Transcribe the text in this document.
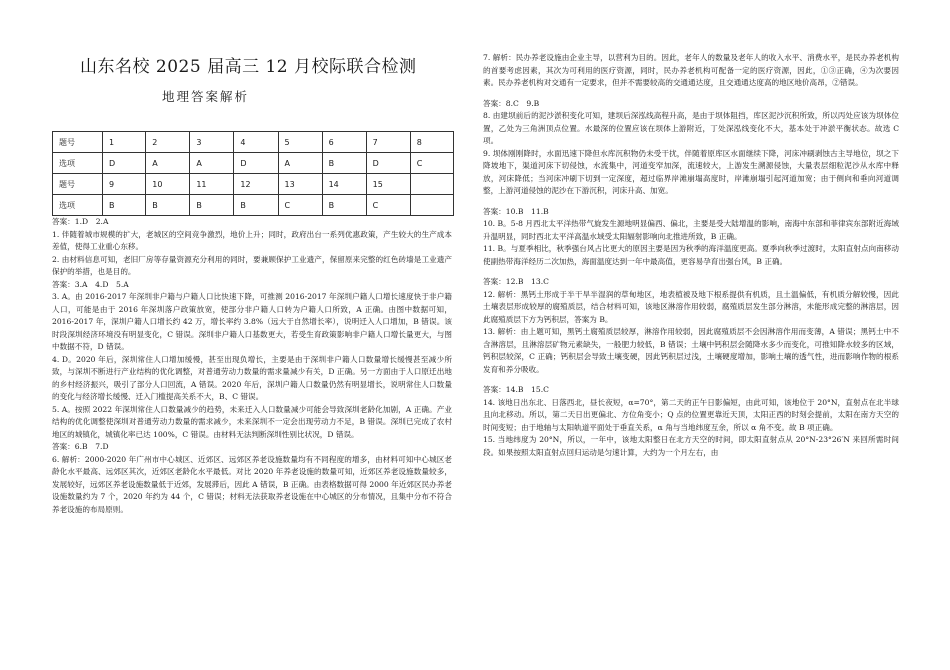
山东名校 2025 届高三 12 月校际联合检测
地理答案解析
题号	1	2	3	4	5	6	7	8
选项	D	A	A	D	A	B	D	C
题号	9	10	11	12	13	14	15	
选项	B	B	B	B	C	B	C	

答案：1.D　2.A

1. 伴随着城市规模的扩大，老城区的空间竞争激烈，地价上升；同时，政府出台一系列优惠政策，产生较大的生产成本差值，使得工业重心东移。

2. 由材料信息可知，老旧厂房等存量资源充分利用的同时，要兼顾保护工业遗产，保留原来完整的红色砖墙是工业遗产保护的举措，也是目的。

答案：3.A　4.D　5.A

3. A。由 2016-2017 年深圳非户籍与户籍人口比快速下降，可推测 2016-2017 年深圳户籍人口增长速度快于非户籍人口，可能是由于 2016 年深圳落户政策放宽，使部分非户籍人口转为户籍人口所致，A 正确。由图中数据可知，2016-2017 年，深圳户籍人口增长约 42 万，增长率约 3.8%（远大于自然增长率），说明迁入人口增加，B 错误。该时段深圳经济环境没有明显变化，C 错误。深圳非户籍人口基数更大，若受生育政策影响非户籍人口增长量更大，与图中数据不符，D 错误。

4. D。2020 年后，深圳常住人口增加缓慢，甚至出现负增长，主要是由于深圳非户籍人口数量增长缓慢甚至减少所致，与深圳不断进行产业结构的优化调整，对普通劳动力数量的需求量减少有关，D 正确。另一方面由于人口原迁出地的乡村经济振兴，吸引了部分人口回流，A 错误。2020 年后，深圳户籍人口数量仍然有明显增长，说明常住人口数量的变化与经济增长缓慢、迁入门槛提高关系不大，B、C 错误。

5. A。按照 2022 年深圳常住人口数量减少的趋势，未来迁入人口数量减少可能会导致深圳老龄化加剧，A 正确。产业结构的优化调整使深圳对普通劳动力数量的需求减少，未来深圳不一定会出现劳动力不足，B 错误。深圳已完成了农村地区的城镇化，城镇化率已达 100%，C 错误。由材料无法判断深圳性别比状况，D 错误。

答案：6.B　7.D

6. 解析：2000-2020 年广州市中心城区、近郊区、远郊区养老设施数量均有不同程度的增多，由材料可知中心城区老龄化水平最高、远郊区其次，近郊区老龄化水平最低。对比 2020 年养老设施的数量可知，近郊区养老设施数量较多，发展较好，远郊区养老设施数量低于近郊，发展滞后，因此 A 错误，B 正确。由表格数据可得 2000 年近郊区民办养老设施数量约为 7 个，2020 年约为 44 个，C 错误；材料无法获取养老设施在中心城区的分布情况，且集中分布不符合养老设施的布局原则。

7. 解析：民办养老设施由企业主导，以营利为目的。因此，老年人的数量及老年人的收入水平、消费水平，是民办养老机构的首要考虑因素，其次为可利用的医疗资源，同时，民办养老机构可配备一定的医疗资源，因此，①③正确，④为次要因素。民办养老机构对交通有一定要求，但并不需要较高的交通通达度，且交通通达度高的地区地价高昂，②错误。

答案：8.C　9.B

8. 由建坝前后的泥沙淤积变化可知，建坝后深泓线高程升高，是由于坝体阻挡，库区泥沙沉积所致，所以丙处应该为坝体位置，乙处为三角洲顶点位置。水最深的位置应该在坝体上游附近，丁处深泓线变化不大，基本处于冲淤平衡状态。故选 C 项。

9. 坝体刚刚降时，水面迅速下降但水库沉积物仍未受干扰，伴随着原库区水面继续下降，河床冲刷剥蚀古主导地位，坝之下降坡地下，渠道河床下切侵蚀，水流集中，河道变窄加深，流速较大，上游发生溯源侵蚀，大量表层细粒泥沙从水库中释放，河床降低；当河床冲刷下切到一定深度，超过临界岸滩崩塌高度时，岸滩崩塌引起河道加宽；由于侧向和垂向河道调整，上游河道侵蚀的泥沙在下游沉积，河床升高、加宽。

答案：10.B　11.B

10. B。5-8 月西北太平洋热带气旋发生源地明显偏西、偏北，主要是受大陆增温的影响，南海中东部和菲律宾东部附近海域升温明显，同时西北太平洋高温水域受太阳辐射影响向北推进所致，B 正确。

11. B。与夏季相比，秋季强台风占比更大的原因主要是因为秋季的海洋温度更高。夏季向秋季过渡时，太阳直射点向南移动使副热带海洋经历二次加热，海面温度达到一年中最高值，更容易孕育出强台风，B 正确。

答案：12.B　13.C

12. 解析：黑钙土形成于半干旱半湿润的草甸地区，地表植被及地下根系提供有机质，且土温偏低，有机质分解较慢，因此土壤表层形成较厚的腐殖质层，结合材料可知，该地区淋溶作用较弱，腐殖质层发生部分淋溶，未能形成完整的淋溶层，因此腐殖质层下方为钙积层，答案为 B。

13. 解析：由上题可知，黑钙土腐殖质层较厚，淋溶作用较弱，因此腐殖质层不会因淋溶作用而变薄，A 错误；黑钙土中不含淋溶层，且淋溶层矿物元素缺失，一般肥力较低，B 错误；土壤中钙积层会随降水多少而变化，可推知降水较多的区域，钙积层较深，C 正确；钙积层会导致土壤变硬，因此钙积层过浅，土壤硬度增加，影响土壤的透气性，进而影响作物的根系发育和养分吸收。

答案：14.B　15.C

14. 该地日出东北、日落西北，昼长夜短，α=70°，第二天的正午日影偏短，由此可知，该地位于 20°N，直射点在北半球且向北移动。所以，第二天日出更偏北、方位角变小；Q 点的位置更靠近天顶，太阳正西的时刻会提前，太阳在南方天空的时间变短；由于地轴与太阳轨道平面处于垂直关系，α 角与当地纬度互余，所以 α 角不变。故 B 项正确。

15. 当地纬度为 20°N，所以，一年中，该地太阳整日在北方天空的时间，即太阳直射点从 20°N-23°26′N 来回所需时间段。如果按照太阳直射点回归运动是匀速计算，大约为一个月左右，由
